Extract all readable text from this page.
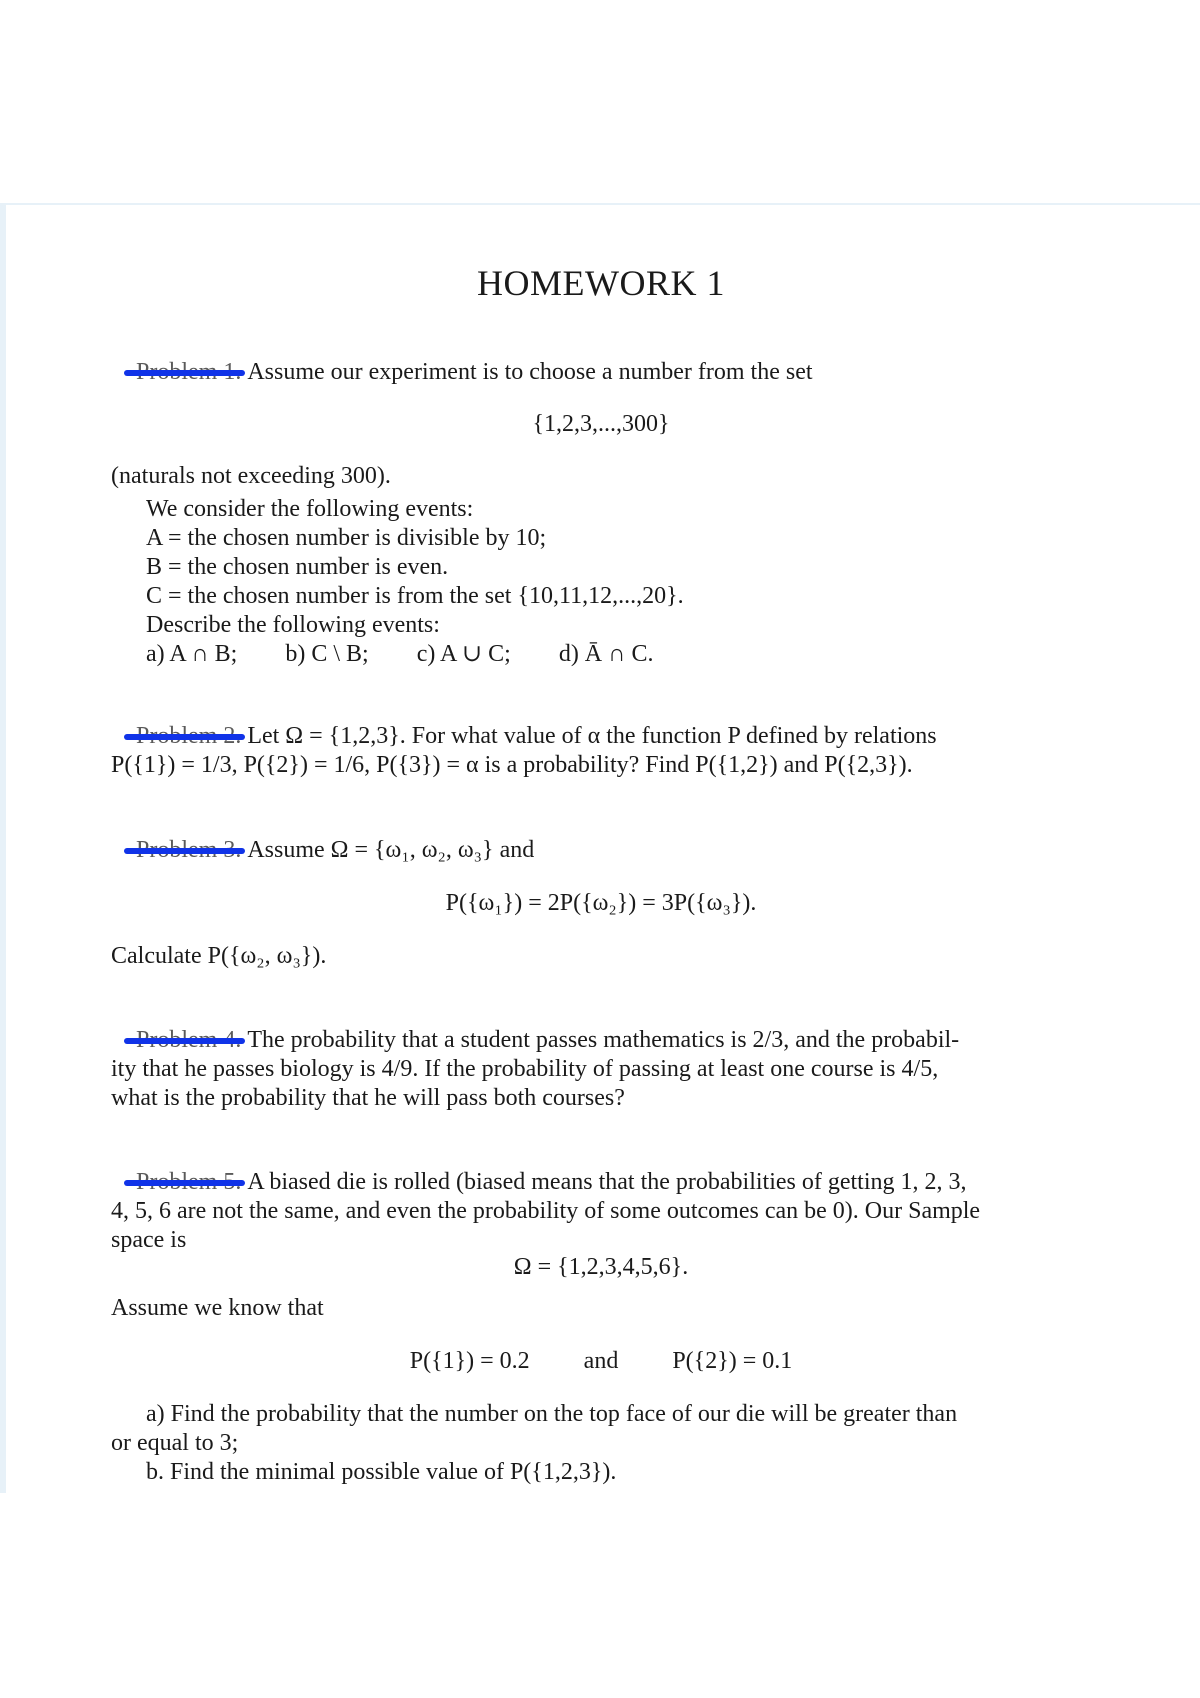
HOMEWORK 1
Assume our experiment is to choose a number from the set
{1,2,3,...,300}
(naturals not exceeding 300).
We consider the following events:
A = the chosen number is divisible by 10;
B = the chosen number is even.
C = the chosen number is from the set {10,11,12,...,20}.
Describe the following events:
a) A ∩ B; b) C \ B; c) A ∪ C; d) Ā ∩ C.
Let Ω = {1,2,3}. For what value of α the function P defined by relations
P({1}) = 1/3, P({2}) = 1/6, P({3}) = α is a probability? Find P({1,2}) and P({2,3}).
Assume Ω = {ω₁, ω₂, ω₃} and
P({ω₁}) = 2P({ω₂}) = 3P({ω₃}).
Calculate P({ω₂, ω₃}).
The probability that a student passes mathematics is 2/3, and the probabil-
ity that he passes biology is 4/9. If the probability of passing at least one course is 4/5,
what is the probability that he will pass both courses?
A biased die is rolled (biased means that the probabilities of getting 1, 2, 3,
4, 5, 6 are not the same, and even the probability of some outcomes can be 0). Our Sample
space is
Ω = {1,2,3,4,5,6}.
Assume we know that
P({1}) = 0.2 and P({2}) = 0.1
a) Find the probability that the number on the top face of our die will be greater than
or equal to 3;
b. Find the minimal possible value of P({1,2,3}).
